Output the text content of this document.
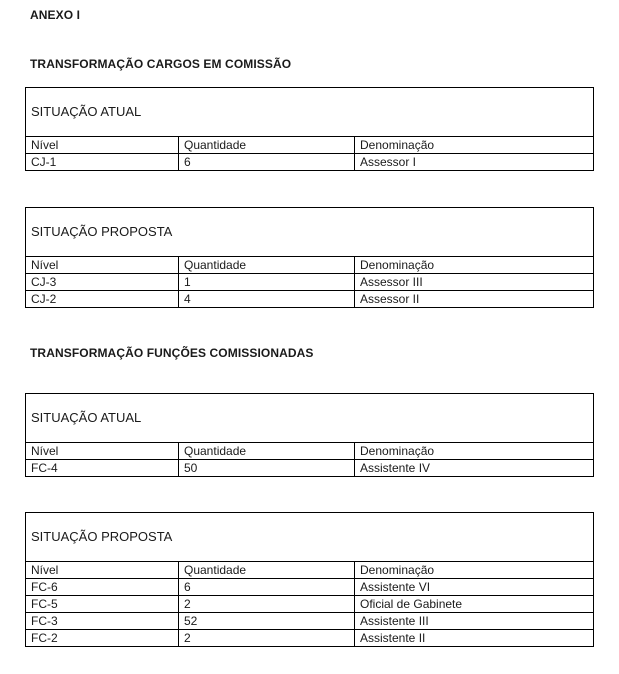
ANEXO I
TRANSFORMAÇÃO CARGOS EM COMISSÃO
SITUAÇÃO ATUAL		
Nível	Quantidade	Denominação
CJ-1	6	Assessor I
SITUAÇÃO PROPOSTA		
Nível	Quantidade	Denominação
CJ-3	1	Assessor III
CJ-2	4	Assessor II
TRANSFORMAÇÃO FUNÇÕES COMISSIONADAS
SITUAÇÃO ATUAL		
Nível	Quantidade	Denominação
FC-4	50	Assistente IV
SITUAÇÃO PROPOSTA		
Nível	Quantidade	Denominação
FC-6	6	Assistente VI
FC-5	2	Oficial de Gabinete
FC-3	52	Assistente III
FC-2	2	Assistente II
